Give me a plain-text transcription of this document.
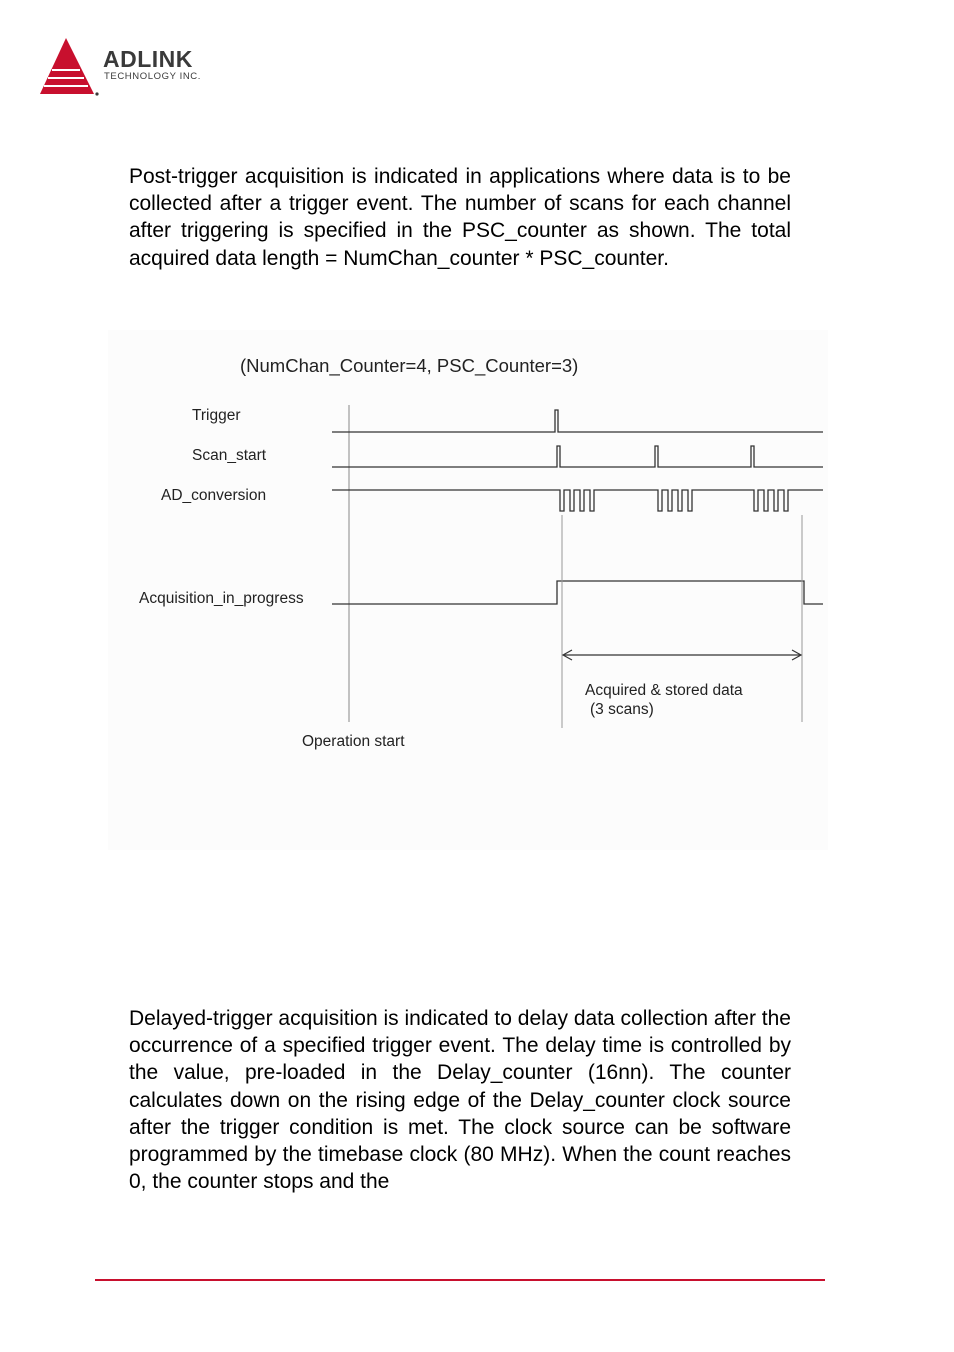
ADLINK
TECHNOLOGY INC.
Post-trigger acquisition is indicated in applications where data is to be collected after a trigger event. The number of scans for each channel after triggering is specified in the PSC_counter as shown. The total acquired data length = NumChan_counter * PSC_counter.
(NumChan_Counter=4, PSC_Counter=3)
Trigger
Scan_start
AD_conversion
Acquisition_in_progress
Operation start
Acquired & stored data
(3 scans)
Delayed-trigger acquisition is indicated to delay data collection after the occurrence of a specified trigger event. The delay time is controlled by the value, pre-loaded in the Delay_counter (16nn). The counter calculates down on the rising edge of the Delay_counter clock source after the trigger condition is met. The clock source can be software programmed by the timebase clock (80 MHz). When the count reaches 0, the counter stops and the
